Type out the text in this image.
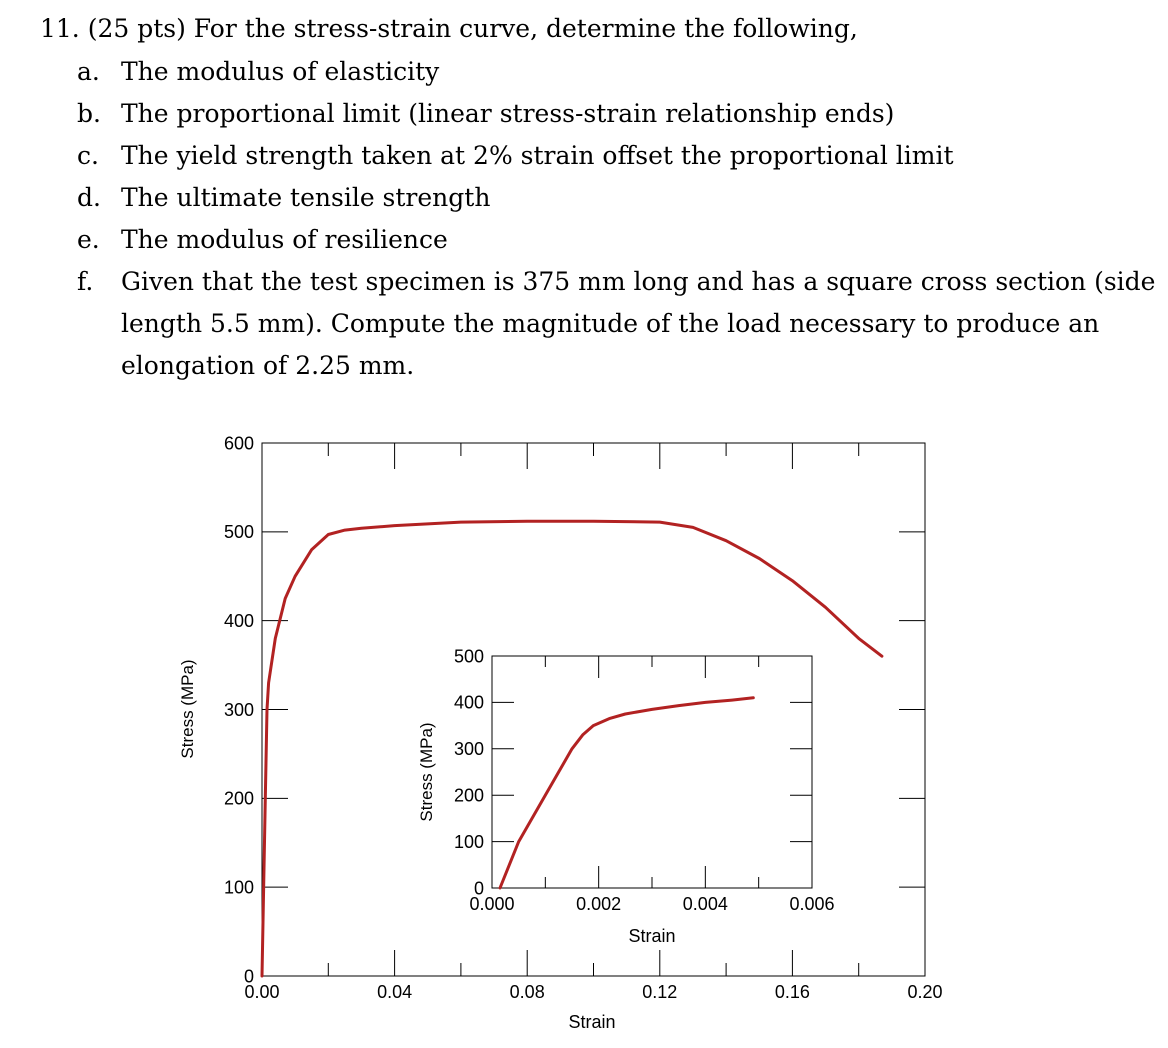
11. (25 pts) For the stress-strain curve, determine the following,
a. The modulus of elasticity
b. The proportional limit (linear stress-strain relationship ends)
c. The yield strength taken at 2% strain offset the proportional limit
d. The ultimate tensile strength
e. The modulus of resilience
f. Given that the test specimen is 375 mm long and has a square cross section (side
length 5.5 mm). Compute the magnitude of the load necessary to produce an
elongation of 2.25 mm.
0.00	0.04	0.08	0.12	0.16	0.20
0
100
200
300
400
500
600
Strain
Stress (MPa)
0.000	0.002	0.004	0.006
0
100
200
300
400
500
Strain
Stress (MPa)
